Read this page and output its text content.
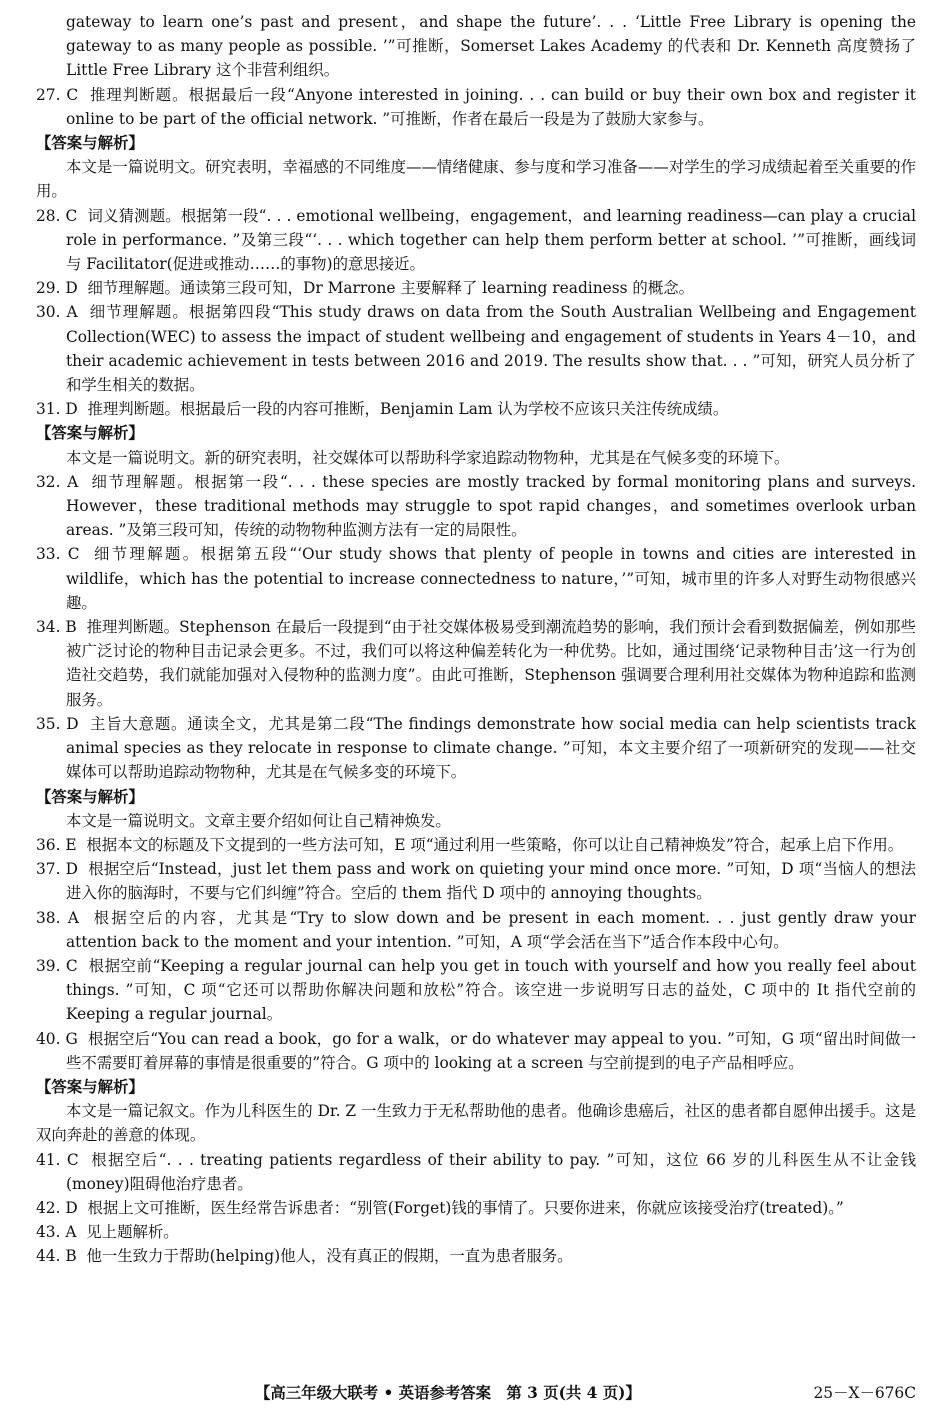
gateway to learn one’s past and present，and shape the future’. . . ‘Little Free Library is opening the gateway to as many people as possible. ’”可推断，Somerset Lakes Academy 的代表和 Dr. Kenneth 高度赞扬了 Little Free Library 这个非营利组织。

27. C 推理判断题。根据最后一段“Anyone interested in joining. . . can build or buy their own box and register it online to be part of the official network. ”可推断，作者在最后一段是为了鼓励大家参与。

【答案与解析】

本文是一篇说明文。研究表明，幸福感的不同维度——情绪健康、参与度和学习准备——对学生的学习成绩起着至关重要的作用。

28. C 词义猜测题。根据第一段“. . . emotional wellbeing，engagement，and learning readiness—can play a crucial role in performance. ”及第三段“‘. . . which together can help them perform better at school. ’”可推断，画线词与 Facilitator(促进或推动……的事物)的意思接近。

29. D 细节理解题。通读第三段可知，Dr Marrone 主要解释了 learning readiness 的概念。

30. A 细节理解题。根据第四段“This study draws on data from the South Australian Wellbeing and Engagement Collection(WEC) to assess the impact of student wellbeing and engagement of students in Years 4－10，and their academic achievement in tests between 2016 and 2019. The results show that. . . ”可知，研究人员分析了和学生相关的数据。

31. D 推理判断题。根据最后一段的内容可推断，Benjamin Lam 认为学校不应该只关注传统成绩。

【答案与解析】

本文是一篇说明文。新的研究表明，社交媒体可以帮助科学家追踪动物物种，尤其是在气候多变的环境下。

32. A 细节理解题。根据第一段“. . . these species are mostly tracked by formal monitoring plans and surveys. However，these traditional methods may struggle to spot rapid changes，and sometimes overlook urban areas. ”及第三段可知，传统的动物物种监测方法有一定的局限性。

33. C 细节理解题。根据第五段“‘Our study shows that plenty of people in towns and cities are interested in wildlife，which has the potential to increase connectedness to nature，’”可知，城市里的许多人对野生动物很感兴趣。

34. B 推理判断题。Stephenson 在最后一段提到“由于社交媒体极易受到潮流趋势的影响，我们预计会看到数据偏差，例如那些被广泛讨论的物种目击记录会更多。不过，我们可以将这种偏差转化为一种优势。比如，通过围绕‘记录物种目击’这一行为创造社交趋势，我们就能加强对入侵物种的监测力度”。由此可推断，Stephenson 强调要合理利用社交媒体为物种追踪和监测服务。

35. D 主旨大意题。通读全文，尤其是第二段“The findings demonstrate how social media can help scientists track animal species as they relocate in response to climate change. ”可知，本文主要介绍了一项新研究的发现——社交媒体可以帮助追踪动物物种，尤其是在气候多变的环境下。

【答案与解析】

本文是一篇说明文。文章主要介绍如何让自己精神焕发。

36. E 根据本文的标题及下文提到的一些方法可知，E 项“通过利用一些策略，你可以让自己精神焕发”符合，起承上启下作用。

37. D 根据空后“Instead，just let them pass and work on quieting your mind once more. ”可知，D 项“当恼人的想法进入你的脑海时，不要与它们纠缠”符合。空后的 them 指代 D 项中的 annoying thoughts。

38. A 根据空后的内容，尤其是“Try to slow down and be present in each moment. . . just gently draw your attention back to the moment and your intention. ”可知，A 项“学会活在当下”适合作本段中心句。

39. C 根据空前“Keeping a regular journal can help you get in touch with yourself and how you really feel about things. ”可知，C 项“它还可以帮助你解决问题和放松”符合。该空进一步说明写日志的益处，C 项中的 It 指代空前的 Keeping a regular journal。

40. G 根据空后“You can read a book，go for a walk，or do whatever may appeal to you. ”可知，G 项“留出时间做一些不需要盯着屏幕的事情是很重要的”符合。G 项中的 looking at a screen 与空前提到的电子产品相呼应。

【答案与解析】

本文是一篇记叙文。作为儿科医生的 Dr. Z 一生致力于无私帮助他的患者。他确诊患癌后，社区的患者都自愿伸出援手。这是双向奔赴的善意的体现。

41. C 根据空后“. . . treating patients regardless of their ability to pay. ”可知，这位 66 岁的儿科医生从不让金钱(money)阻碍他治疗患者。

42. D 根据上文可推断，医生经常告诉患者：“别管(Forget)钱的事情了。只要你进来，你就应该接受治疗(treated)。”

43. A 见上题解析。

44. B 他一生致力于帮助(helping)他人，没有真正的假期，一直为患者服务。

【高三年级大联考 • 英语参考答案　第 3 页(共 4 页)】	25－X－676C
